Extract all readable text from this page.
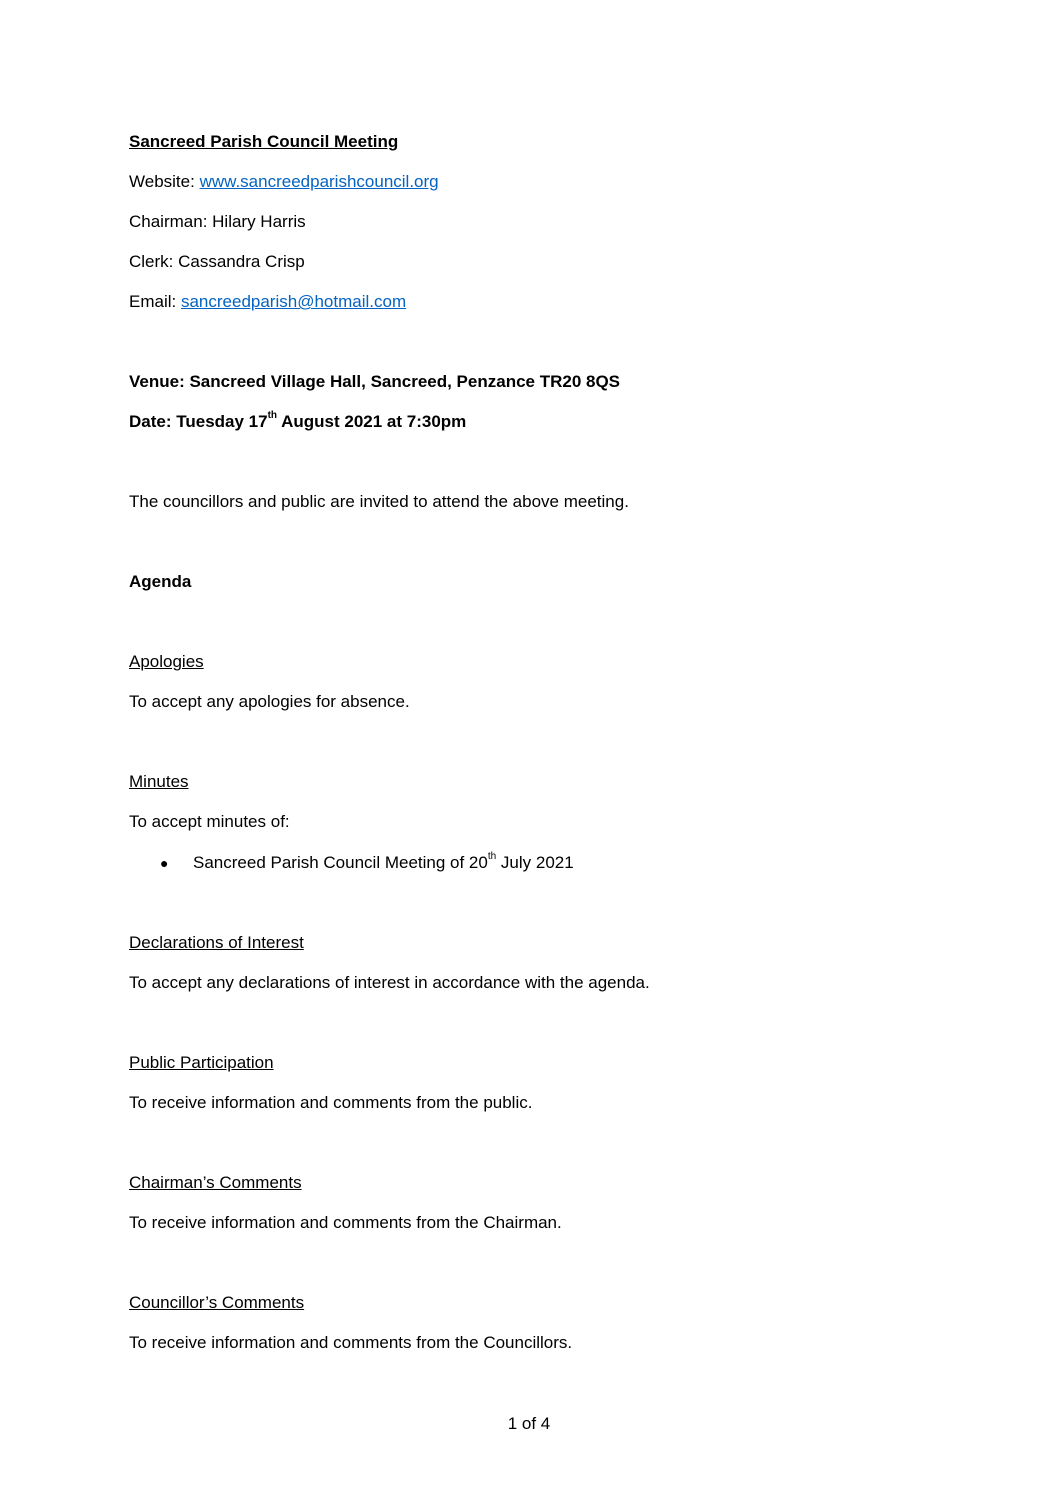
Sancreed Parish Council Meeting
Website: www.sancreedparishcouncil.org
Chairman: Hilary Harris
Clerk: Cassandra Crisp
Email: sancreedparish@hotmail.com
Venue: Sancreed Village Hall, Sancreed, Penzance TR20 8QS
Date: Tuesday 17th August 2021 at 7:30pm
The councillors and public are invited to attend the above meeting.
Agenda
Apologies
To accept any apologies for absence.
Minutes
To accept minutes of:
● Sancreed Parish Council Meeting of 20th July 2021
Declarations of Interest
To accept any declarations of interest in accordance with the agenda.
Public Participation
To receive information and comments from the public.
Chairman’s Comments
To receive information and comments from the Chairman.
Councillor’s Comments
To receive information and comments from the Councillors.
1 of 4
